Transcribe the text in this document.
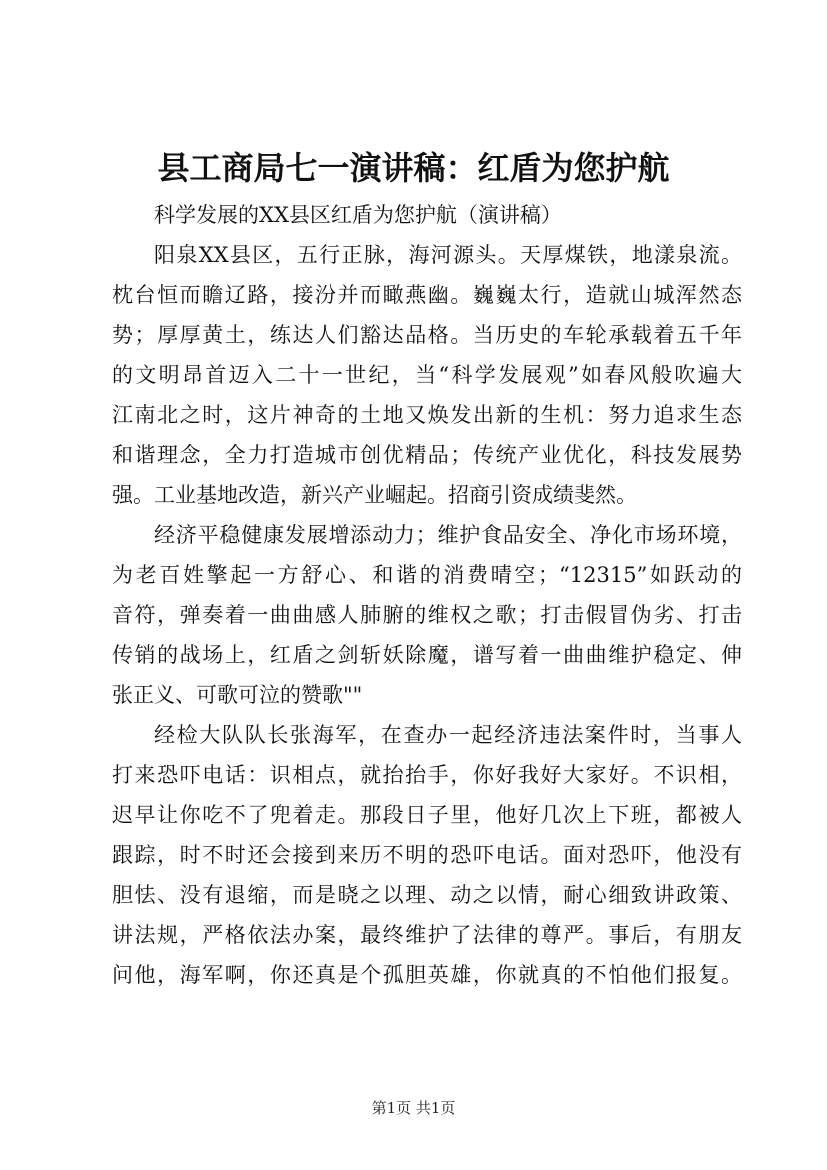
县工商局七一演讲稿：红盾为您护航
科学发展的XX县区红盾为您护航（演讲稿）
阳泉XX县区，五行正脉，海河源头。天厚煤铁，地漾泉流。
枕台恒而瞻辽路，接汾并而瞰燕幽。巍巍太行，造就山城浑然态
势；厚厚黄土，练达人们豁达品格。当历史的车轮承载着五千年
的文明昂首迈入二十一世纪，当“科学发展观”如春风般吹遍大
江南北之时，这片神奇的土地又焕发出新的生机：努力追求生态
和谐理念，全力打造城市创优精品；传统产业优化，科技发展势
强。工业基地改造，新兴产业崛起。招商引资成绩斐然。
经济平稳健康发展增添动力；维护食品安全、净化市场环境，
为老百姓擎起一方舒心、和谐的消费晴空；“12315”如跃动的
音符，弹奏着一曲曲感人肺腑的维权之歌；打击假冒伪劣、打击
传销的战场上，红盾之剑斩妖除魔，谱写着一曲曲维护稳定、伸
张正义、可歌可泣的赞歌""
经检大队队长张海军，在查办一起经济违法案件时，当事人
打来恐吓电话：识相点，就抬抬手，你好我好大家好。不识相，
迟早让你吃不了兜着走。那段日子里，他好几次上下班，都被人
跟踪，时不时还会接到来历不明的恐吓电话。面对恐吓，他没有
胆怯、没有退缩，而是晓之以理、动之以情，耐心细致讲政策、
讲法规，严格依法办案，最终维护了法律的尊严。事后，有朋友
问他，海军啊，你还真是个孤胆英雄，你就真的不怕他们报复。
第1页 共1页
